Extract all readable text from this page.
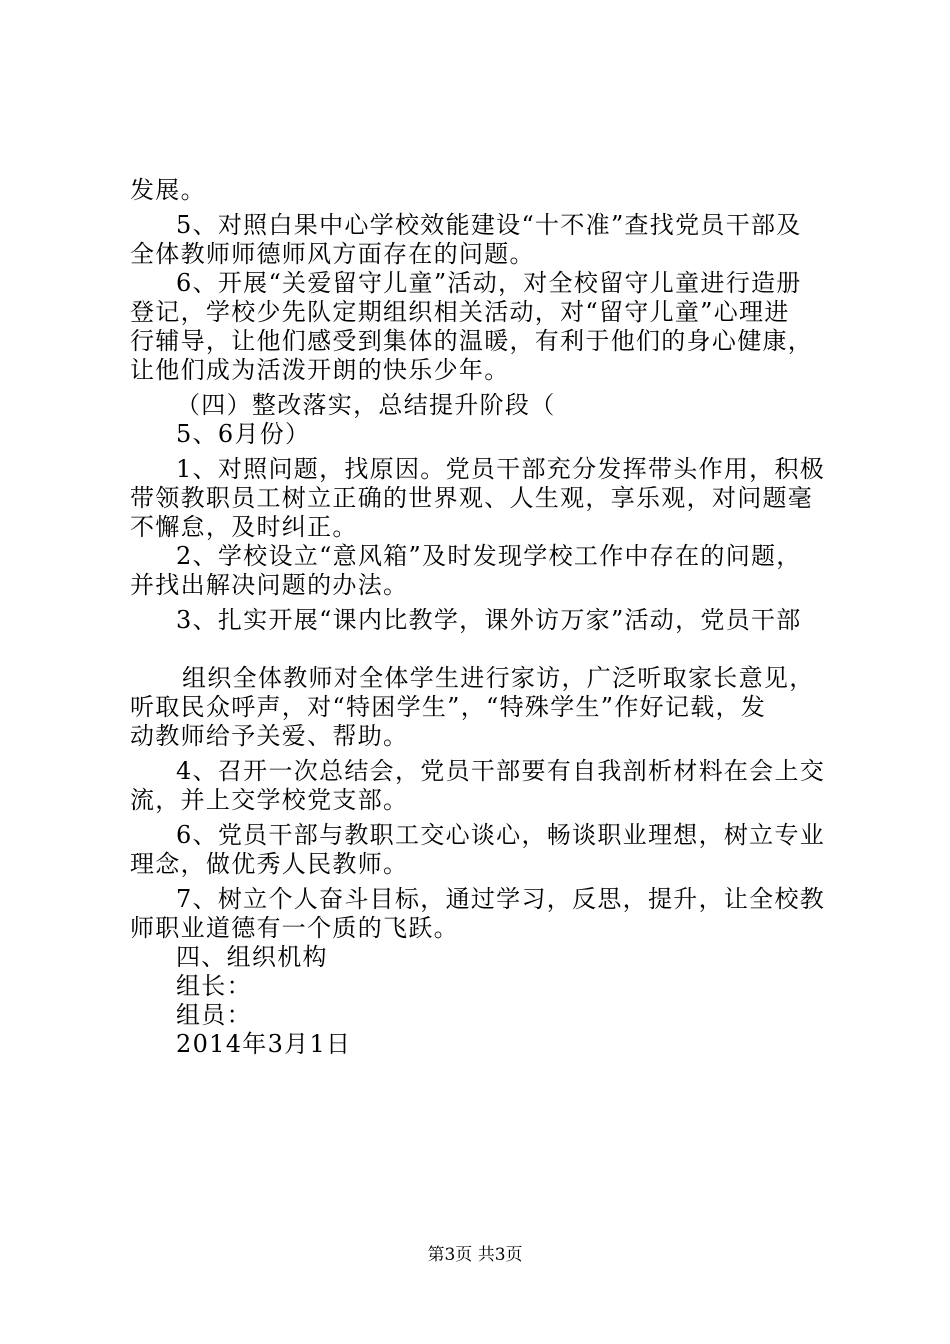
发展。
5、对照白果中心学校效能建设“十不准”查找党员干部及
全体教师师德师风方面存在的问题。
6、开展“关爱留守儿童”活动，对全校留守儿童进行造册
登记，学校少先队定期组织相关活动，对“留守儿童”心理进
行辅导，让他们感受到集体的温暖，有利于他们的身心健康，
让他们成为活泼开朗的快乐少年。
（四）整改落实，总结提升阶段（
5、6月份）
1、对照问题，找原因。党员干部充分发挥带头作用，积极
带领教职员工树立正确的世界观、人生观，享乐观，对问题毫
不懈怠，及时纠正。
2、学校设立“意风箱”及时发现学校工作中存在的问题，
并找出解决问题的办法。
3、扎实开展“课内比教学，课外访万家”活动，党员干部
组织全体教师对全体学生进行家访，广泛听取家长意见，
听取民众呼声，对“特困学生”，“特殊学生”作好记载，发
动教师给予关爱、帮助。
4、召开一次总结会，党员干部要有自我剖析材料在会上交
流，并上交学校党支部。
6、党员干部与教职工交心谈心，畅谈职业理想，树立专业
理念，做优秀人民教师。
7、树立个人奋斗目标，通过学习，反思，提升，让全校教
师职业道德有一个质的飞跃。
四、组织机构
组长：
组员：
2014年3月1日
第3页 共3页
